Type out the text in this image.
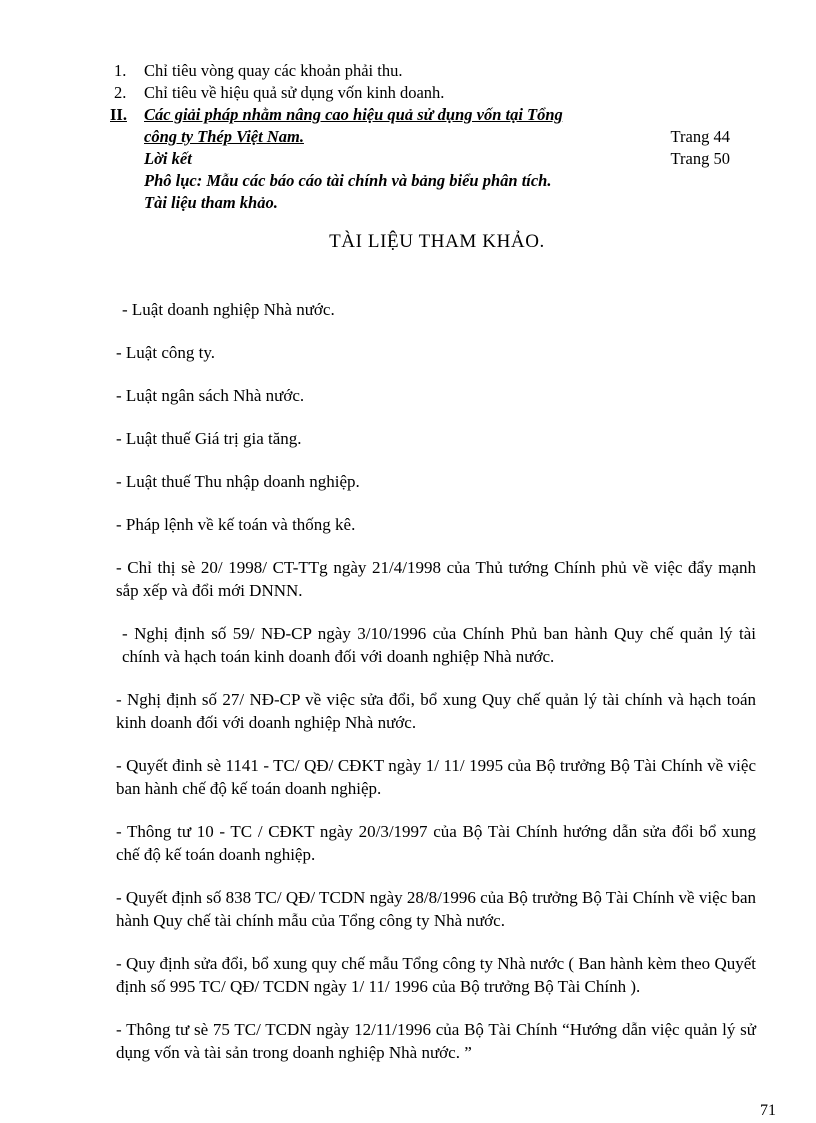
1. Chỉ tiêu vòng quay các khoản phải thu.
2. Chỉ tiêu về hiệu quả sử dụng vốn kinh doanh.
II. Các giải pháp nhằm nâng cao hiệu quả sử dụng vốn tại Tổng
công ty Thép Việt Nam.	Trang 44
Lời kết	Trang 50
Phô lục: Mẫu các báo cáo tài chính và bảng biểu phân tích.
Tài liệu tham khảo.
TÀI LIỆU THAM KHẢO.

- Luật doanh nghiệp Nhà nước.

- Luật công ty.

- Luật ngân sách Nhà nước.

- Luật thuế Giá trị gia tăng.

- Luật thuế Thu nhập doanh nghiệp.

- Pháp lệnh về kế toán và thống kê.

- Chỉ thị sè 20/ 1998/ CT-TTg ngày 21/4/1998 của Thủ tướng Chính phủ về việc đẩy mạnh sắp xếp và đổi mới DNNN.

- Nghị định số 59/ NĐ-CP ngày 3/10/1996 của Chính Phủ ban hành Quy chế quản lý tài chính và hạch toán kinh doanh đối với doanh nghiệp Nhà nước.

- Nghị định số 27/ NĐ-CP về việc sửa đổi, bổ xung Quy chế quản lý tài chính và hạch toán kinh doanh đối với doanh nghiệp Nhà nước.

- Quyết đinh sè 1141 - TC/ QĐ/ CĐKT ngày 1/ 11/ 1995 của Bộ trưởng Bộ Tài Chính về việc ban hành chế độ kế toán doanh nghiệp.

- Thông tư 10 - TC / CĐKT ngày 20/3/1997 của Bộ Tài Chính hướng dẫn sửa đổi bổ xung chế độ kế toán doanh nghiệp.

- Quyết định số 838 TC/ QĐ/ TCDN ngày 28/8/1996 của Bộ trưởng Bộ Tài Chính về việc ban hành Quy chế tài chính mẫu của Tổng công ty Nhà nước.

- Quy định sửa đổi, bổ xung quy chế mẫu Tổng công ty Nhà nước ( Ban hành kèm theo Quyết định số 995 TC/ QĐ/ TCDN ngày 1/ 11/ 1996 của Bộ trưởng Bộ Tài Chính ).

- Thông tư sè 75 TC/ TCDN ngày 12/11/1996 của Bộ Tài Chính “Hướng dẫn việc quản lý sử dụng vốn và tài sản trong doanh nghiệp Nhà nước. ”

71
